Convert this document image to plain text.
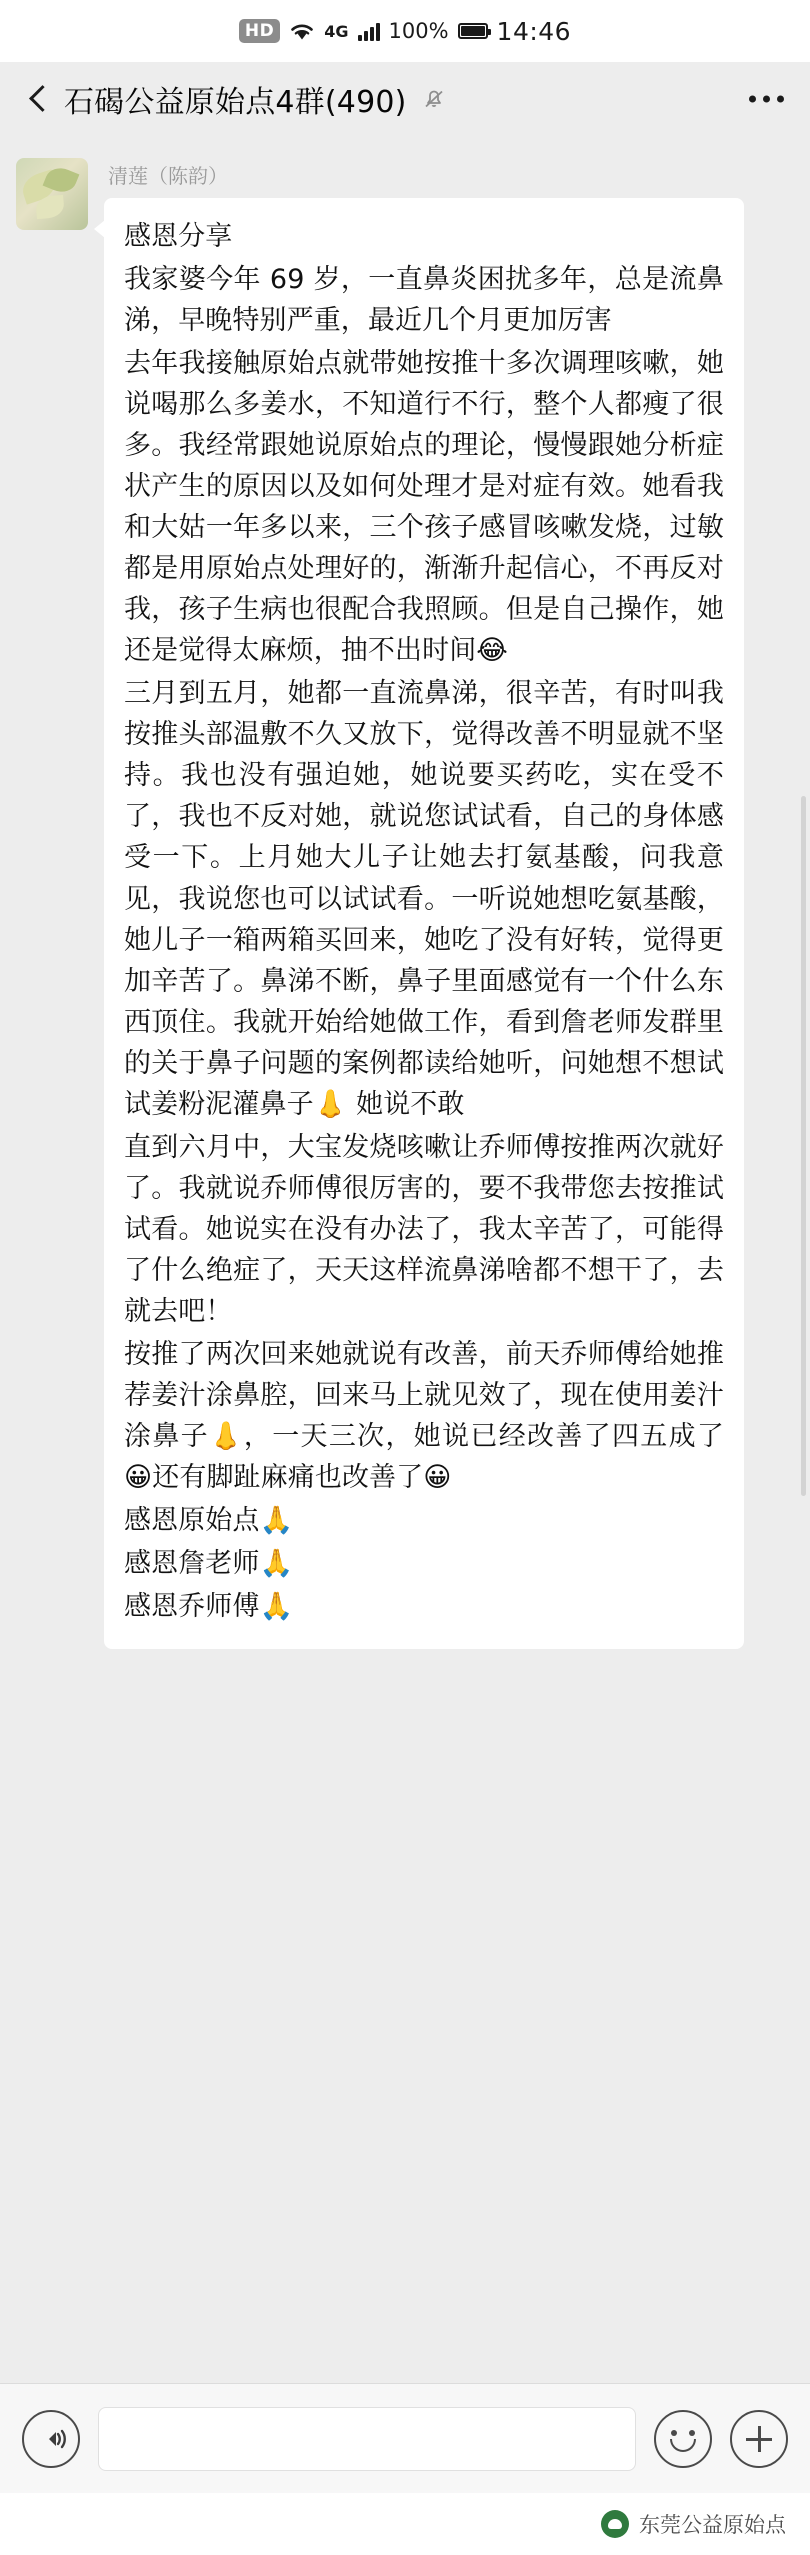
HD	4G 100% 14:46
石碣公益原始点4群(490)
清莲（陈韵）

感恩分享

我家婆今年 69 岁，一直鼻炎困扰多年，总是流鼻涕，早晚特别严重，最近几个月更加厉害

去年我接触原始点就带她按推十多次调理咳嗽，她说喝那么多姜水，不知道行不行，整个人都瘦了很多。我经常跟她说原始点的理论，慢慢跟她分析症状产生的原因以及如何处理才是对症有效。她看我和大姑一年多以来，三个孩子感冒咳嗽发烧，过敏都是用原始点处理好的，渐渐升起信心，不再反对我，孩子生病也很配合我照顾。但是自己操作，她还是觉得太麻烦，抽不出时间😂

三月到五月，她都一直流鼻涕，很辛苦，有时叫我按推头部温敷不久又放下，觉得改善不明显就不坚持。我也没有强迫她，她说要买药吃，实在受不了，我也不反对她，就说您试试看，自己的身体感受一下。上月她大儿子让她去打氨基酸，问我意见，我说您也可以试试看。一听说她想吃氨基酸，她儿子一箱两箱买回来，她吃了没有好转，觉得更加辛苦了。鼻涕不断，鼻子里面感觉有一个什么东西顶住。我就开始给她做工作，看到詹老师发群里的关于鼻子问题的案例都读给她听，问她想不想试试姜粉泥灌鼻子👃 她说不敢

直到六月中，大宝发烧咳嗽让乔师傅按推两次就好了。我就说乔师傅很厉害的，要不我带您去按推试试看。她说实在没有办法了，我太辛苦了，可能得了什么绝症了，天天这样流鼻涕啥都不想干了，去就去吧！

按推了两次回来她就说有改善，前天乔师傅给她推荐姜汁涂鼻腔，回来马上就见效了，现在使用姜汁涂鼻子👃，一天三次，她说已经改善了四五成了😀还有脚趾麻痛也改善了😀

感恩原始点🙏

感恩詹老师🙏

感恩乔师傅🙏

东莞公益原始点
